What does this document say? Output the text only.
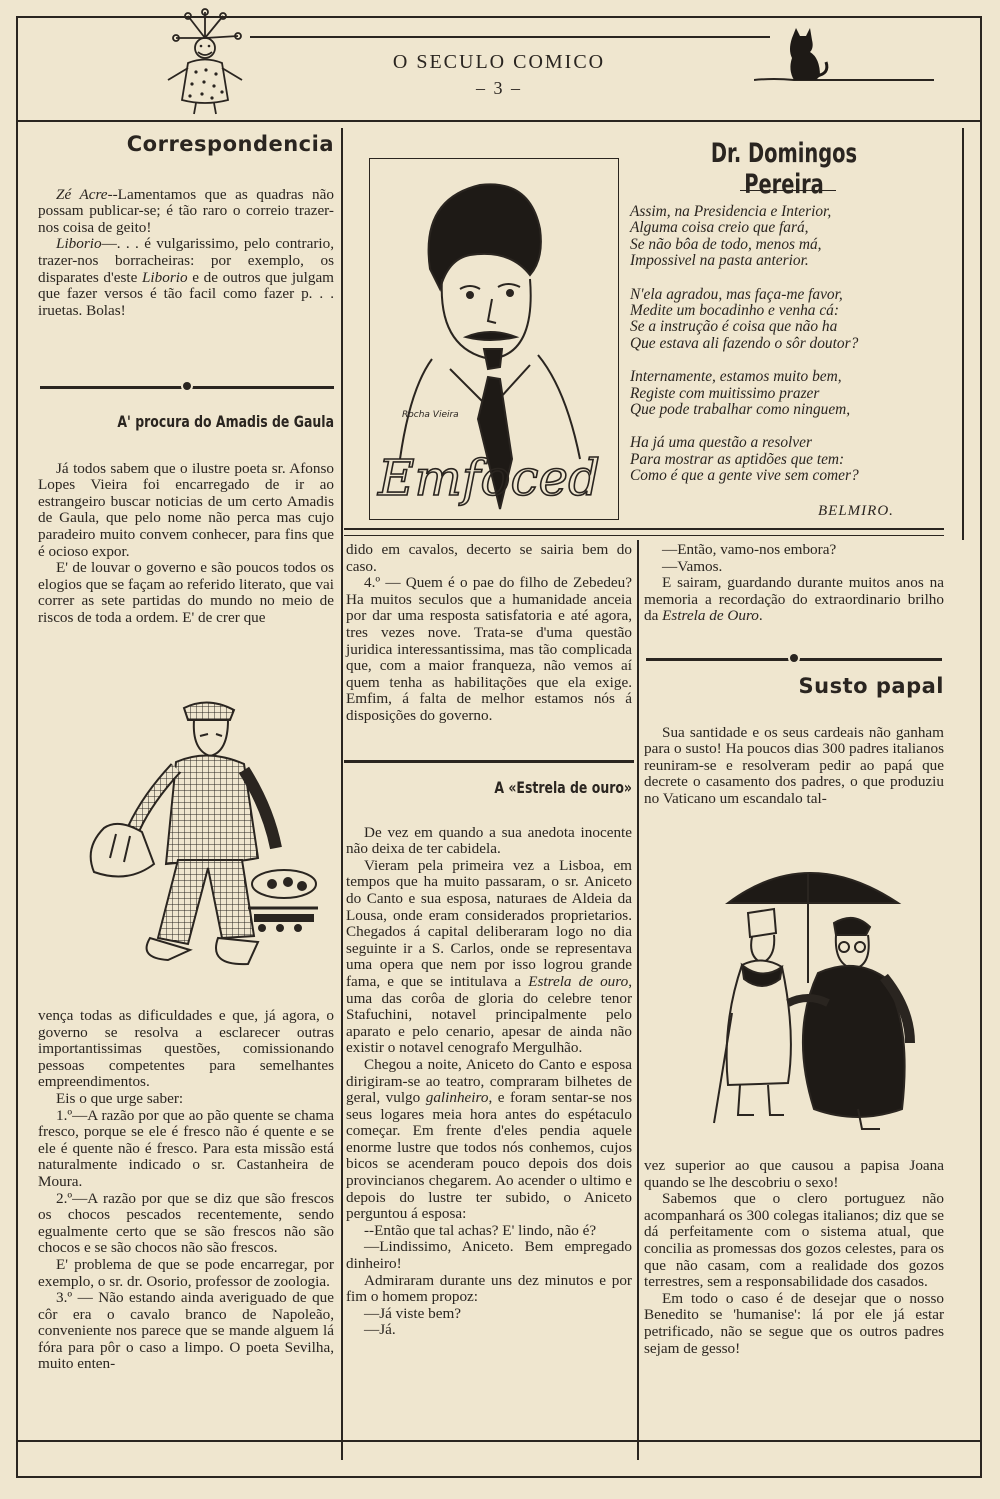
O SECULO COMICO
– 3 –
Correspondencia

Zé Acre--Lamentamos que as quadras não possam publicar-se; é tão raro o correio trazer-nos coisa de geito!

Liborio—. . . é vulgarissimo, pelo contrario, trazer-nos borracheiras: por exemplo, os disparates d'este Liborio e de outros que julgam que fazer versos é tão facil como fazer p. . . iruetas. Bolas!

A' procura do Amadis de Gaula

Já todos sabem que o ilustre poeta sr. Afonso Lopes Vieira foi encarregado de ir ao estrangeiro buscar noticias de um certo Amadis de Gaula, que pelo nome não perca mas cujo paradeiro muito convem conhecer, para fins que é ocioso expor.

E' de louvar o governo e são poucos todos os elogios que se façam ao referido literato, que vai correr as sete partidas do mundo no meio de riscos de toda a ordem. E' de crer que

vença todas as dificuldades e que, já agora, o governo se resolva a esclarecer outras importantissimas questões, comissionando pessoas competentes para semelhantes empreendimentos.

Eis o que urge saber:

1.º—A razão por que ao pão quente se chama fresco, porque se ele é fresco não é quente e se ele é quente não é fresco. Para esta missão está naturalmente indicado o sr. Castanheira de Moura.

2.º—A razão por que se diz que são frescos os chocos pescados recentemente, sendo egualmente certo que se são frescos não são chocos e se são chocos não são frescos.

E' problema de que se pode encarregar, por exemplo, o sr. dr. Osorio, professor de zoologia.

3.º — Não estando ainda averiguado de que côr era o cavalo branco de Napoleão, conveniente nos parece que se mande alguem lá fóra para pôr o caso a limpo. O poeta Sevilha, muito enten-

Rocha Vieira
Emfoced
Dr. Domingos Pereira
Assim, na Presidencia e Interior,
Alguma coisa creio que fará,
Se não bôa de todo, menos má,
Impossivel na pasta anterior.
N'ela agradou, mas faça-me favor,
Medite um bocadinho e venha cá:
Se a instrução é coisa que não ha
Que estava ali fazendo o sôr doutor?
Internamente, estamos muito bem,
Registe com muitissimo prazer
Que pode trabalhar como ninguem,
Ha já uma questão a resolver
Para mostrar as aptidões que tem:
Como é que a gente vive sem comer?
BELMIRO.

dido em cavalos, decerto se sairia bem do caso.

4.º — Quem é o pae do filho de Zebedeu? Ha muitos seculos que a humanidade anceia por dar uma resposta satisfatoria e até agora, tres vezes nove. Trata-se d'uma questão juridica interessantissima, mas tão complicada que, com a maior franqueza, não vemos aí quem tenha as habilitações que ela exige. Emfim, á falta de melhor estamos nós á disposições do governo.

A «Estrela de ouro»

De vez em quando a sua anedota inocente não deixa de ter cabidela.

Vieram pela primeira vez a Lisboa, em tempos que ha muito passaram, o sr. Aniceto do Canto e sua esposa, naturaes de Aldeia da Lousa, onde eram considerados proprietarios. Chegados á capital deliberaram logo no dia seguinte ir a S. Carlos, onde se representava uma opera que nem por isso logrou grande fama, e que se intitulava a Estrela de ouro, uma das corôa de gloria do celebre tenor Stafuchini, notavel principalmente pelo aparato e pelo cenario, apesar de ainda não existir o notavel cenografo Mergulhão.

Chegou a noite, Aniceto do Canto e esposa dirigiram-se ao teatro, compraram bilhetes de geral, vulgo galinheiro, e foram sentar-se nos seus logares meia hora antes do espétaculo começar. Em frente d'eles pendia aquele enorme lustre que todos nós conhemos, cujos bicos se acenderam pouco depois dos dois provincianos chegarem. Ao acender o ultimo e depois do lustre ter subido, o Aniceto perguntou á esposa:

--Então que tal achas? E' lindo, não é?

—Lindissimo, Aniceto. Bem empregado dinheiro!

Admiraram durante uns dez minutos e por fim o homem propoz:

—Já viste bem?

—Já.

—Então, vamo-nos embora?

—Vamos.

E sairam, guardando durante muitos anos na memoria a recordação do extraordinario brilho da Estrela de Ouro.

Susto papal

Sua santidade e os seus cardeais não ganham para o susto! Ha poucos dias 300 padres italianos reuniram-se e resolveram pedir ao papá que decrete o casamento dos padres, o que produziu no Vaticano um escandalo tal-

vez superior ao que causou a papisa Joana quando se lhe descobriu o sexo!

Sabemos que o clero portuguez não acompanhará os 300 colegas italianos; diz que se dá perfeitamente com o sistema atual, que concilia as promessas dos gozos celestes, para os que não casam, com a realidade dos gozos terrestres, sem a responsabilidade dos casados.

Em todo o caso é de desejar que o nosso Benedito se 'humanise': lá por ele já estar petrificado, não se segue que os outros padres sejam de gesso!
